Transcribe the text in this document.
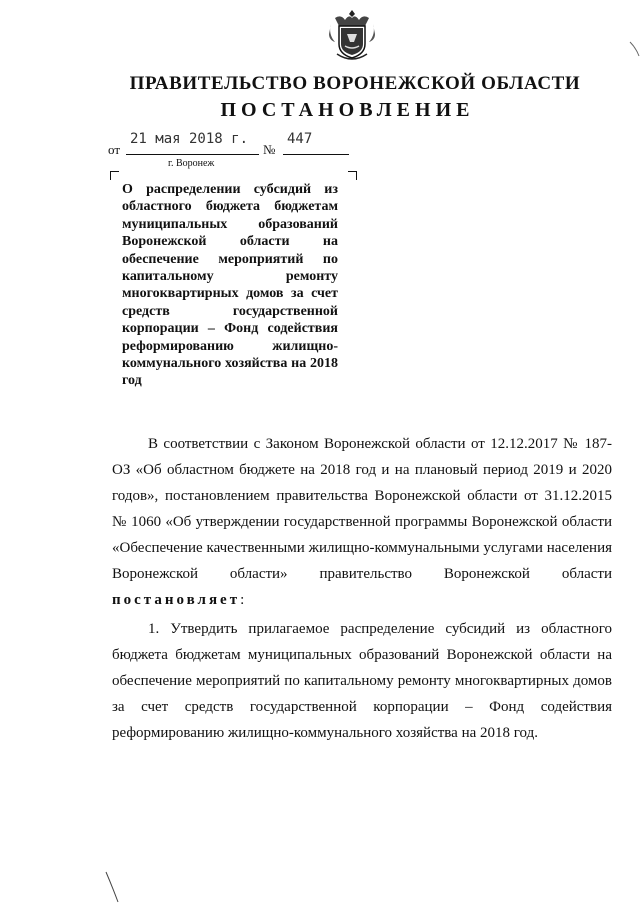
ПРАВИТЕЛЬСТВО ВОРОНЕЖСКОЙ ОБЛАСТИ
ПОСТАНОВЛЕНИЕ
от
21 мая 2018 г.
№
447
г. Воронеж

О распределении субсидий из областного бюджета бюджетам муниципальных образований Воронежской области на обеспечение мероприятий по капитальному ремонту многоквартирных домов за счет средств государственной корпорации – Фонд содействия реформированию жилищно-коммунального хозяйства на 2018 год

В соответствии с Законом Воронежской области от 12.12.2017 № 187-ОЗ «Об областном бюджете на 2018 год и на плановый период 2019 и 2020 годов», постановлением правительства Воронежской области от 31.12.2015 № 1060 «Об утверждении государственной программы Воронежской области «Обеспечение качественными жилищно-коммунальными услугами населения Воронежской области» правительство Воронежской области постановляет:

1. Утвердить прилагаемое распределение субсидий из областного бюджета бюджетам муниципальных образований Воронежской области на обеспечение мероприятий по капитальному ремонту многоквартирных домов за счет средств государственной корпорации – Фонд содействия реформированию жилищно-коммунального хозяйства на 2018 год.
